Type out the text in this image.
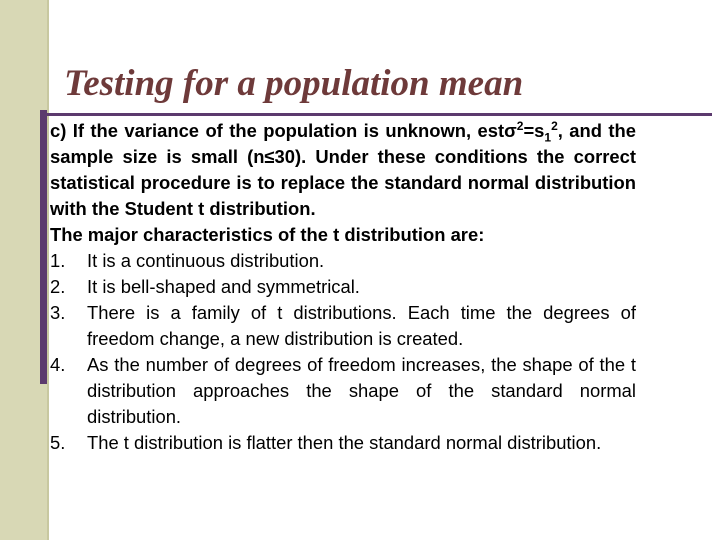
Testing for a population mean

c) If the variance of the population is unknown, $est\sigma^2=s_1^2$, and the sample size is small (n≤30). Under these conditions the correct statistical procedure is to replace the standard normal distribution with the Student t distribution.

The major characteristics of the t distribution are:

1. It is a continuous distribution.
2. It is bell-shaped and symmetrical.
3. There is a family of t distributions. Each time the degrees of freedom change, a new distribution is created.
4. As the number of degrees of freedom increases, the shape of the t distribution approaches the shape of the standard normal distribution.
5. The t distribution is flatter then the standard normal distribution.
